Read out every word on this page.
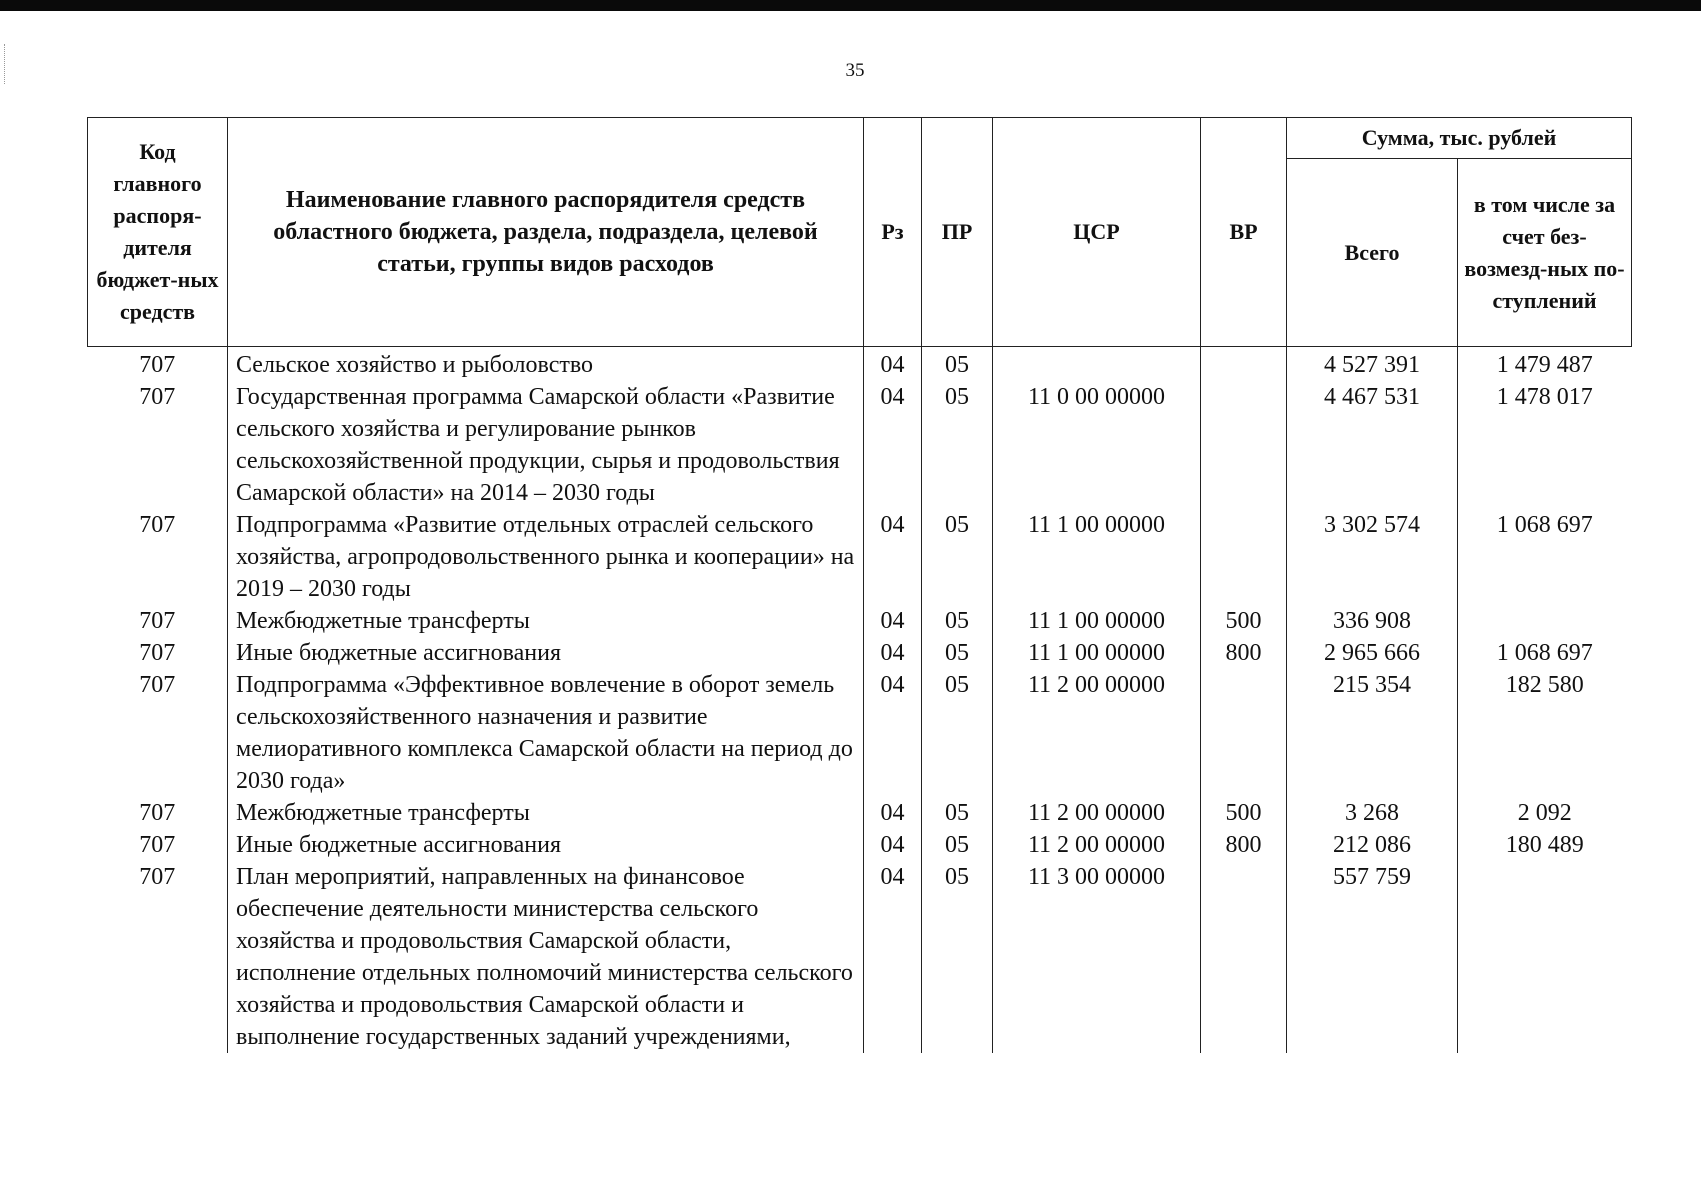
35
Код главного распоря-дителя бюджет-ных средств	Наименование главного распорядителя средств областного бюджета, раздела, подраздела, целевой статьи, группы видов расходов	Рз	ПР	ЦСР	ВР	Сумма, тыс. рублей	
						Всего	в том числе за счет без-возмезд-ных по-ступлений
707	Сельское хозяйство и рыболовство	04	05			4 527 391	1 479 487
707	Государственная программа Самарской области «Развитие сельского хозяйства и регулирование рынков сельскохозяйственной продукции, сырья и продовольствия Самарской области» на 2014 – 2030 годы	04	05	11 0 00 00000		4 467 531	1 478 017
707	Подпрограмма «Развитие отдельных отраслей сельского хозяйства, агропродовольственного рынка и кооперации» на 2019 – 2030 годы	04	05	11 1 00 00000		3 302 574	1 068 697
707	Межбюджетные трансферты	04	05	11 1 00 00000	500	336 908	
707	Иные бюджетные ассигнования	04	05	11 1 00 00000	800	2 965 666	1 068 697
707	Подпрограмма «Эффективное вовлечение в оборот земель сельскохозяйственного назначения и развитие мелиоративного комплекса Самарской области на период до 2030 года»	04	05	11 2 00 00000		215 354	182 580
707	Межбюджетные трансферты	04	05	11 2 00 00000	500	3 268	2 092
707	Иные бюджетные ассигнования	04	05	11 2 00 00000	800	212 086	180 489
707	План мероприятий, направленных на финансовое обеспечение деятельности министерства сельского хозяйства и продовольствия Самарской области, исполнение отдельных полномочий министерства сельского хозяйства и продовольствия Самарской области и выполнение государственных заданий учреждениями,	04	05	11 3 00 00000		557 759	
